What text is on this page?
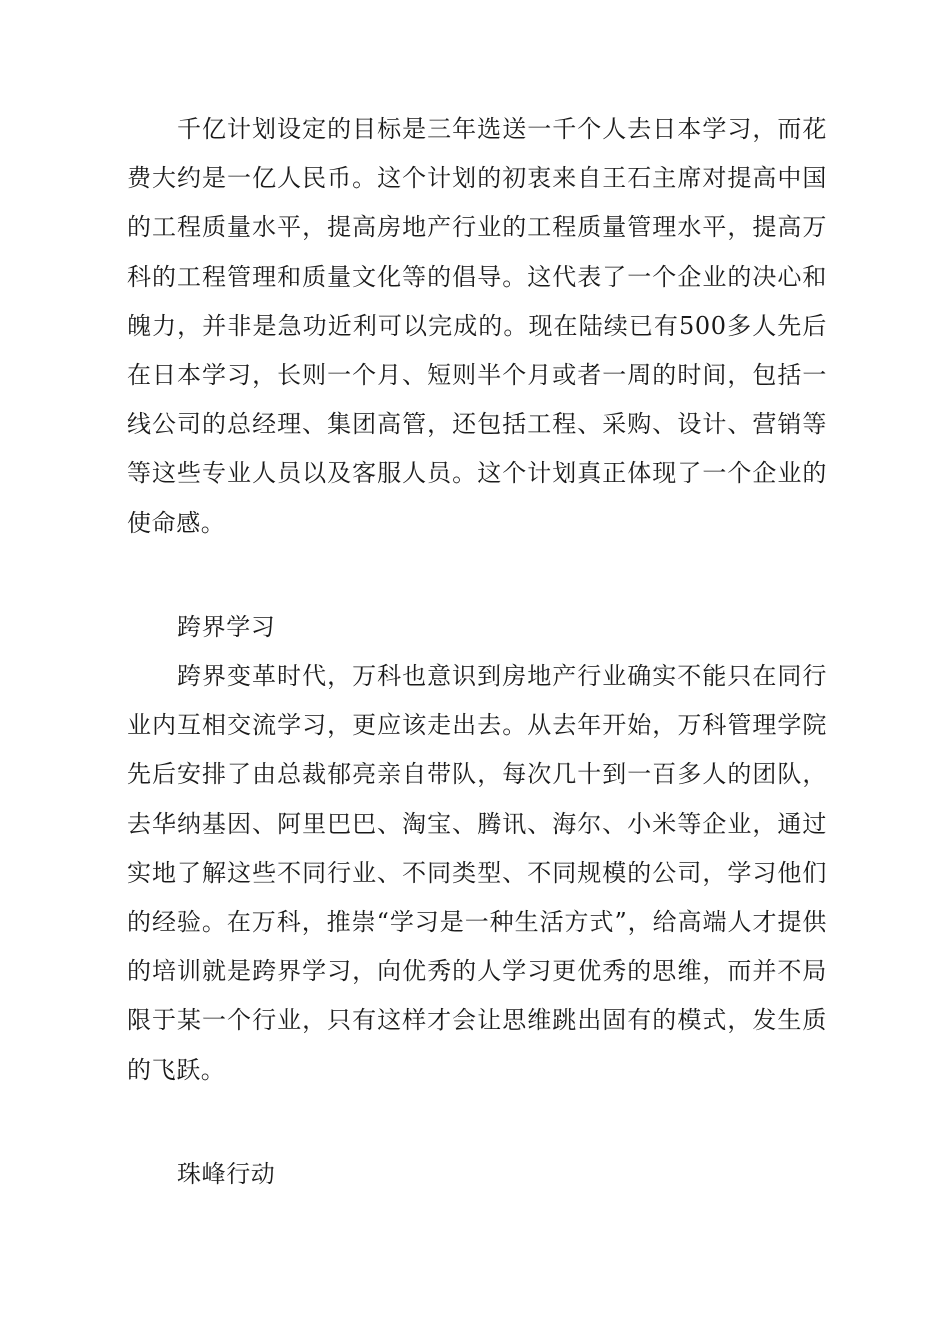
千亿计划设定的目标是三年选送一千个人去日本学习，而花费大约是一亿人民币。这个计划的初衷来自王石主席对提高中国的工程质量水平，提高房地产行业的工程质量管理水平，提高万科的工程管理和质量文化等的倡导。这代表了一个企业的决心和魄力，并非是急功近利可以完成的。现在陆续已有500多人先后在日本学习，长则一个月、短则半个月或者一周的时间，包括一线公司的总经理、集团高管，还包括工程、采购、设计、营销等等这些专业人员以及客服人员。这个计划真正体现了一个企业的使命感。

跨界学习

跨界变革时代，万科也意识到房地产行业确实不能只在同行业内互相交流学习，更应该走出去。从去年开始，万科管理学院先后安排了由总裁郁亮亲自带队，每次几十到一百多人的团队，去华纳基因、阿里巴巴、淘宝、腾讯、海尔、小米等企业，通过实地了解这些不同行业、不同类型、不同规模的公司，学习他们的经验。在万科，推崇“学习是一种生活方式”，给高端人才提供的培训就是跨界学习，向优秀的人学习更优秀的思维，而并不局限于某一个行业，只有这样才会让思维跳出固有的模式，发生质的飞跃。

珠峰行动
